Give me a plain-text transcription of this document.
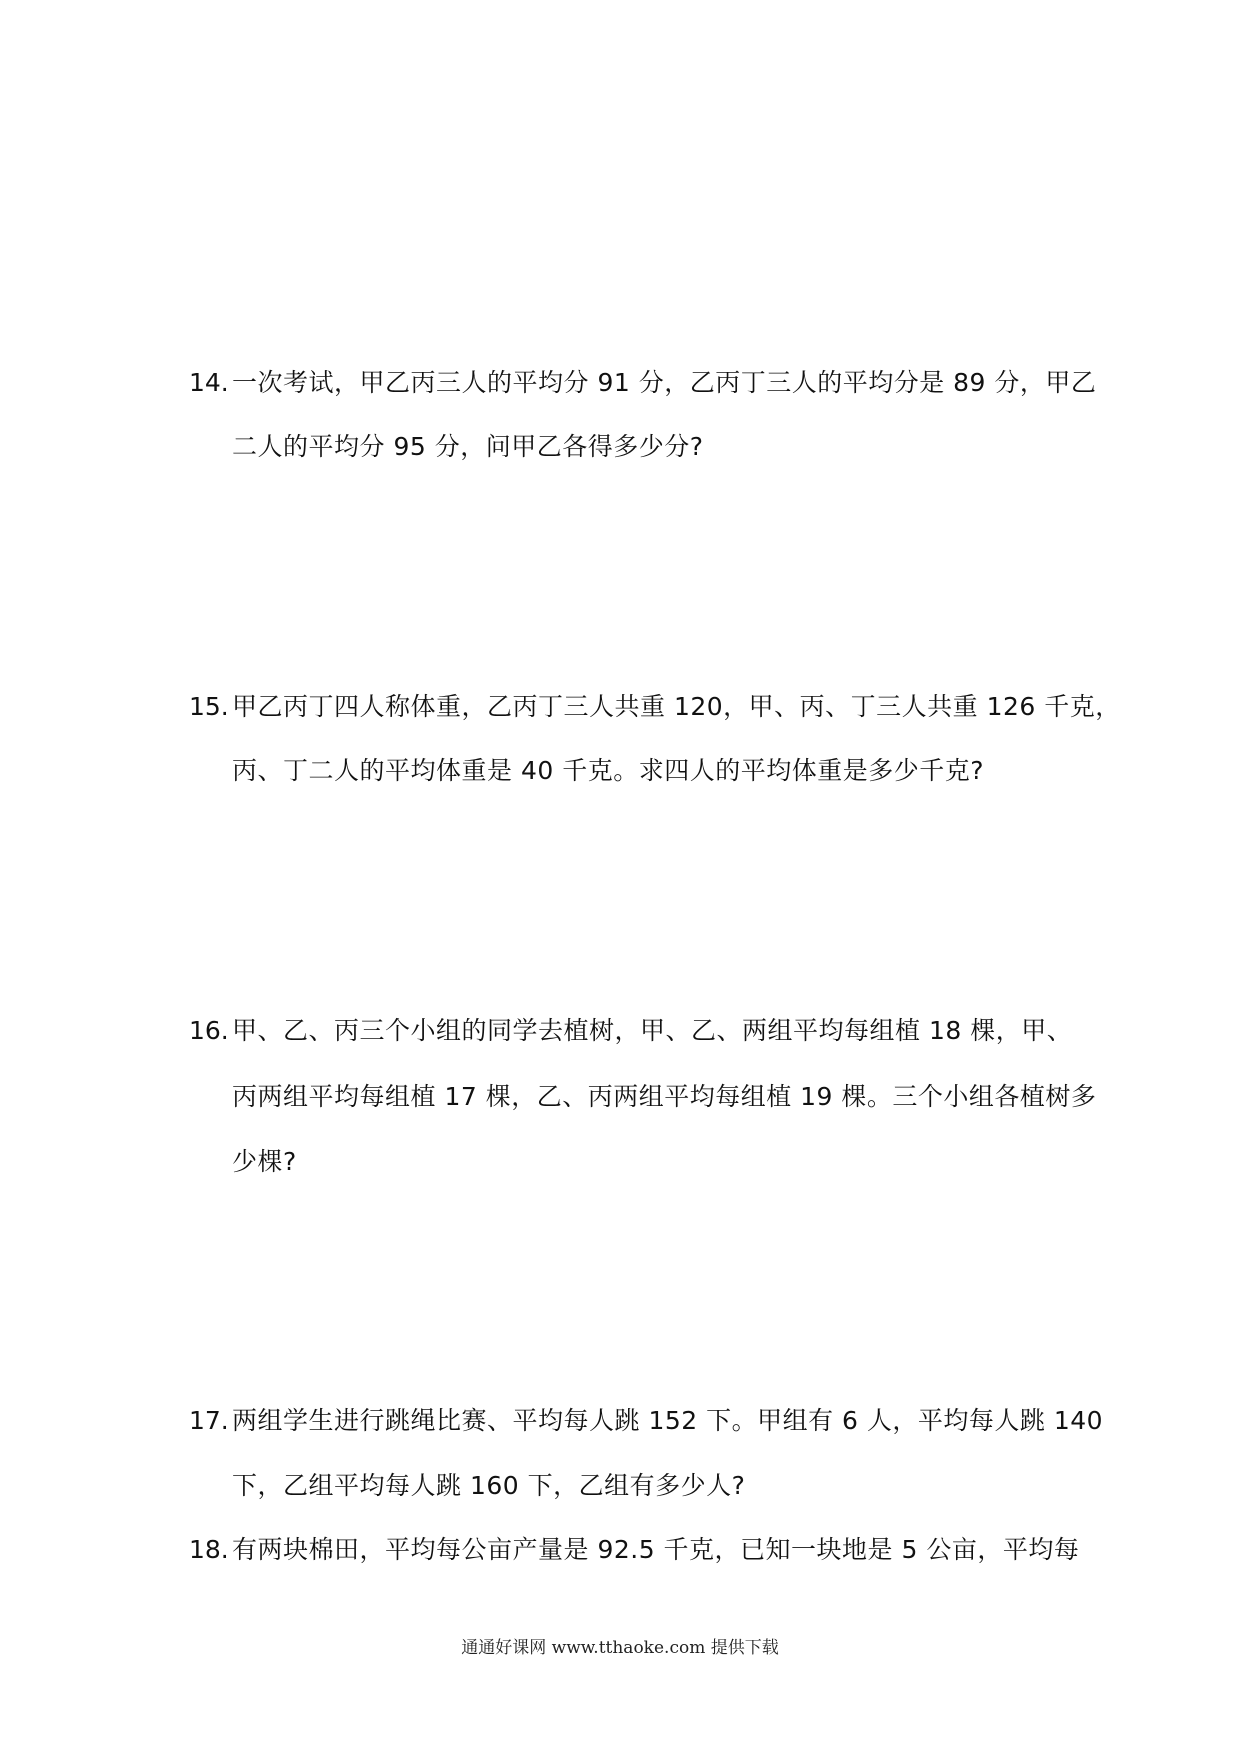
14. 一次考试，甲乙丙三人的平均分 91 分，乙丙丁三人的平均分是 89 分，甲乙
二人的平均分 95 分，问甲乙各得多少分?
15. 甲乙丙丁四人称体重，乙丙丁三人共重 120，甲、丙、丁三人共重 126 千克，
丙、丁二人的平均体重是 40 千克。求四人的平均体重是多少千克?
16. 甲、乙、丙三个小组的同学去植树，甲、乙、两组平均每组植 18 棵，甲、
丙两组平均每组植 17 棵，乙、丙两组平均每组植 19 棵。三个小组各植树多
少棵?
17. 两组学生进行跳绳比赛、平均每人跳 152 下。甲组有 6 人，平均每人跳 140
下，乙组平均每人跳 160 下，乙组有多少人?
18. 有两块棉田，平均每公亩产量是 92.5 千克，已知一块地是 5 公亩，平均每
通通好课网 www.tthaoke.com 提供下载
